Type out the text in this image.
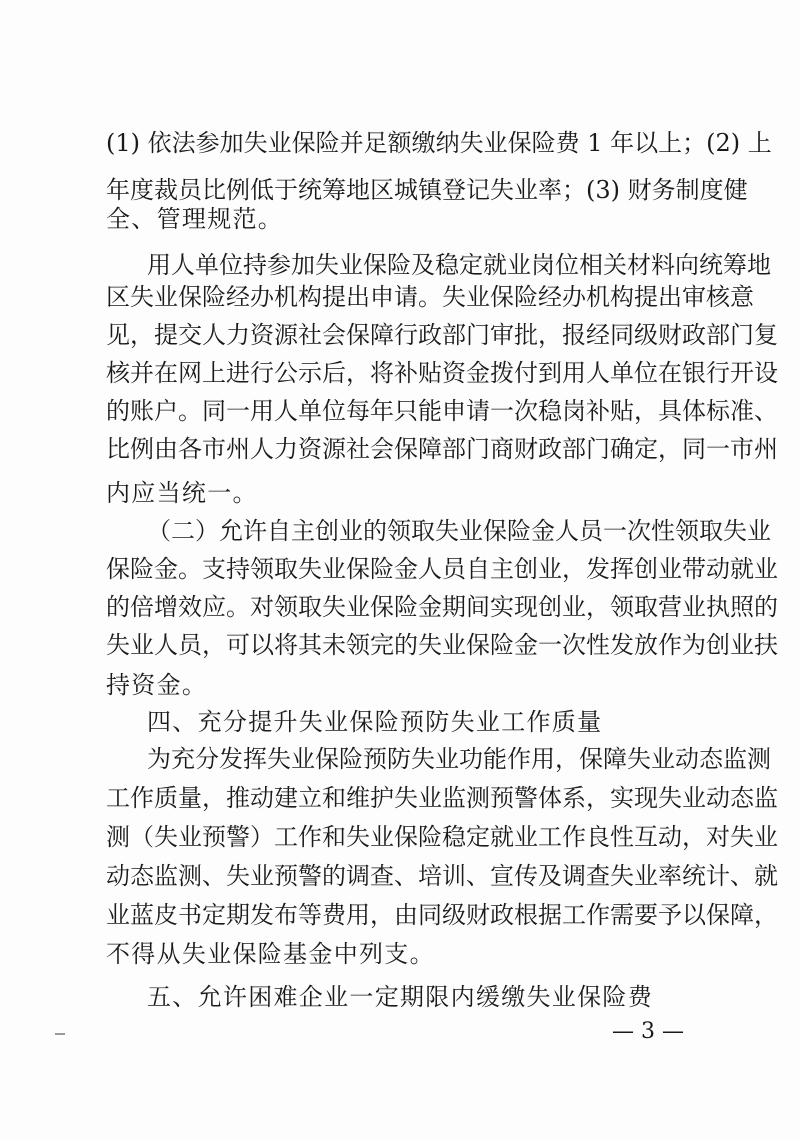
(1) 依法参加失业保险并足额缴纳失业保险费 1 年以上；(2) 上
年度裁员比例低于统筹地区城镇登记失业率；(3) 财务制度健
全、管理规范。
用人单位持参加失业保险及稳定就业岗位相关材料向统筹地
区失业保险经办机构提出申请。失业保险经办机构提出审核意
见，提交人力资源社会保障行政部门审批，报经同级财政部门复
核并在网上进行公示后，将补贴资金拨付到用人单位在银行开设
的账户。同一用人单位每年只能申请一次稳岗补贴，具体标准、
比例由各市州人力资源社会保障部门商财政部门确定，同一市州
内应当统一。
（二）允许自主创业的领取失业保险金人员一次性领取失业
保险金。支持领取失业保险金人员自主创业，发挥创业带动就业
的倍增效应。对领取失业保险金期间实现创业，领取营业执照的
失业人员，可以将其未领完的失业保险金一次性发放作为创业扶
持资金。
四、充分提升失业保险预防失业工作质量
为充分发挥失业保险预防失业功能作用，保障失业动态监测
工作质量，推动建立和维护失业监测预警体系，实现失业动态监
测（失业预警）工作和失业保险稳定就业工作良性互动，对失业
动态监测、失业预警的调查、培训、宣传及调查失业率统计、就
业蓝皮书定期发布等费用，由同级财政根据工作需要予以保障，
不得从失业保险基金中列支。
五、允许困难企业一定期限内缓缴失业保险费
— 3 —
